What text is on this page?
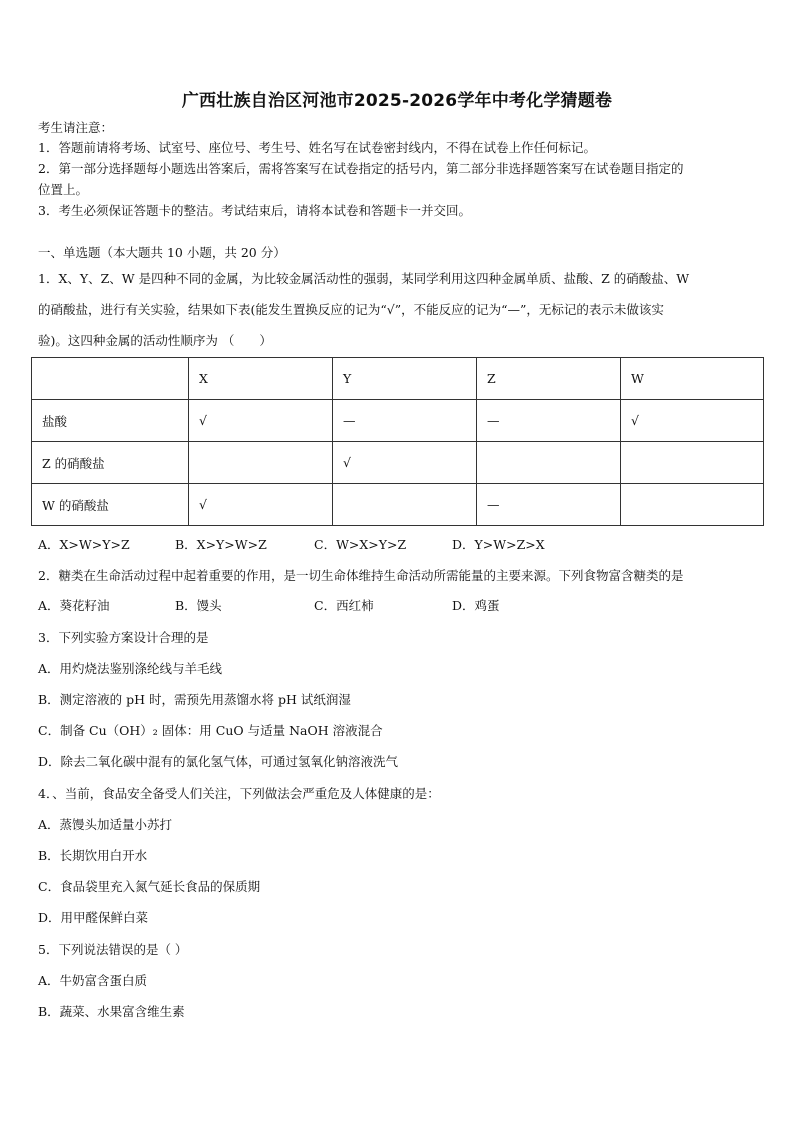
广西壮族自治区河池市2025-2026学年中考化学猜题卷
考生请注意：
1．答题前请将考场、试室号、座位号、考生号、姓名写在试卷密封线内，不得在试卷上作任何标记。
2．第一部分选择题每小题选出答案后，需将答案写在试卷指定的括号内，第二部分非选择题答案写在试卷题目指定的
位置上。
3．考生必须保证答题卡的整洁。考试结束后，请将本试卷和答题卡一并交回。
一、单选题（本大题共 10 小题，共 20 分）
1．X、Y、Z、W 是四种不同的金属，为比较金属活动性的强弱，某同学利用这四种金属单质、盐酸、Z 的硝酸盐、W
的硝酸盐，进行有关实验，结果如下表(能发生置换反应的记为“√”，不能反应的记为“—”，无标记的表示未做该实
验)。这四种金属的活动性顺序为 （　　）
	X	Y	Z	W
盐酸	√	—	—	√
Z 的硝酸盐		√		
W 的硝酸盐	√		—	
A．X>W>Y>Z	B．X>Y>W>Z	C．W>X>Y>Z	D．Y>W>Z>X
2．糖类在生命活动过程中起着重要的作用，是一切生命体维持生命活动所需能量的主要来源。下列食物富含糖类的是
A．葵花籽油	B．馒头	C．西红柿	D．鸡蛋
3．下列实验方案设计合理的是
A．用灼烧法鉴别涤纶线与羊毛线
B．测定溶液的 pH 时，需预先用蒸馏水将 pH 试纸润湿
C．制备 Cu（OH）₂ 固体：用 CuO 与适量 NaOH 溶液混合
D．除去二氧化碳中混有的氯化氢气体，可通过氢氧化钠溶液洗气
4．、当前，食品安全备受人们关注，下列做法会严重危及人体健康的是：
A．蒸馒头加适量小苏打
B．长期饮用白开水
C．食品袋里充入氮气延长食品的保质期
D．用甲醛保鲜白菜
5．下列说法错误的是（ ）
A．牛奶富含蛋白质
B．蔬菜、水果富含维生素
